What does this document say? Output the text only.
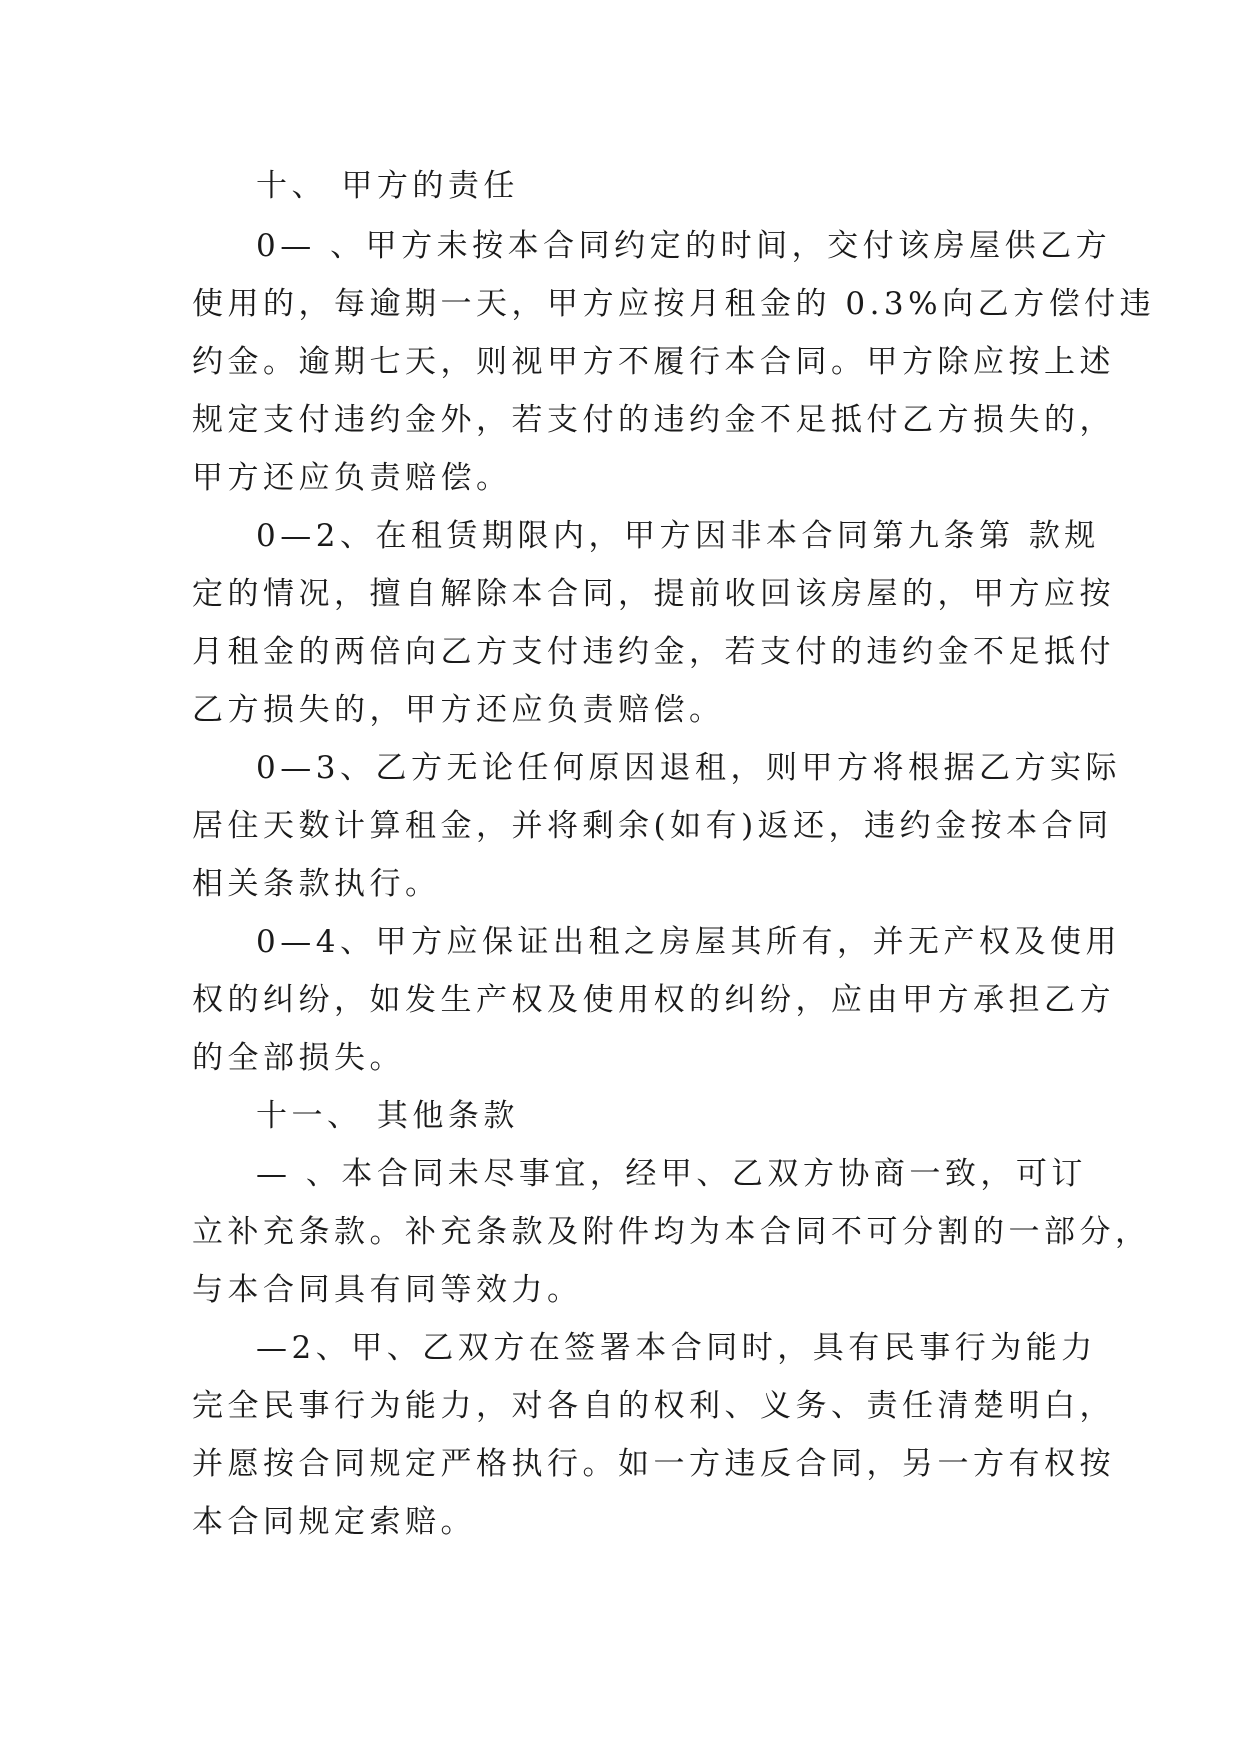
十、 甲方的责任
0— 、甲方未按本合同约定的时间，交付该房屋供乙方
使用的，每逾期一天，甲方应按月租金的 0.3%向乙方偿付违
约金。逾期七天，则视甲方不履行本合同。甲方除应按上述
规定支付违约金外，若支付的违约金不足抵付乙方损失的，
甲方还应负责赔偿。
0—2、在租赁期限内，甲方因非本合同第九条第 款规
定的情况，擅自解除本合同，提前收回该房屋的，甲方应按
月租金的两倍向乙方支付违约金，若支付的违约金不足抵付
乙方损失的，甲方还应负责赔偿。
0—3、乙方无论任何原因退租，则甲方将根据乙方实际
居住天数计算租金，并将剩余(如有)返还，违约金按本合同
相关条款执行。
0—4、甲方应保证出租之房屋其所有，并无产权及使用
权的纠纷，如发生产权及使用权的纠纷，应由甲方承担乙方
的全部损失。
十一、 其他条款
— 、本合同未尽事宜，经甲、乙双方协商一致，可订
立补充条款。补充条款及附件均为本合同不可分割的一部分，
与本合同具有同等效力。
—2、甲、乙双方在签署本合同时，具有民事行为能力
完全民事行为能力，对各自的权利、义务、责任清楚明白，
并愿按合同规定严格执行。如一方违反合同，另一方有权按
本合同规定索赔。
